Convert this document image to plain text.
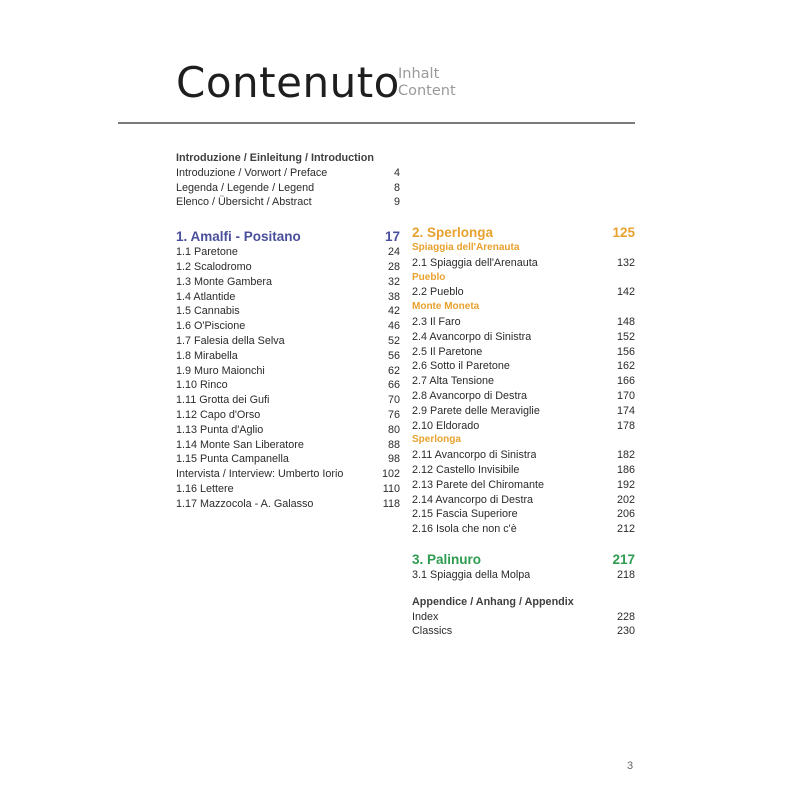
Contenuto
Inhalt
Content
Introduzione / Einleitung / Introduction
Introduzione / Vorwort / Preface	4
Legenda / Legende / Legend	8
Elenco / Übersicht / Abstract	9
1. Amalfi - Positano	17
1.1 Paretone	24
1.2 Scalodromo	28
1.3 Monte Gambera	32
1.4 Atlantide	38
1.5 Cannabis	42
1.6 O'Piscione	46
1.7 Falesia della Selva	52
1.8 Mirabella	56
1.9 Muro Maionchi	62
1.10 Rinco	66
1.11 Grotta dei Gufi	70
1.12 Capo d'Orso	76
1.13 Punta d'Aglio	80
1.14 Monte San Liberatore	88
1.15 Punta Campanella	98
Intervista / Interview: Umberto Iorio	102
1.16 Lettere	110
1.17 Mazzocola - A. Galasso	118
2. Sperlonga	125
Spiaggia dell'Arenauta
2.1 Spiaggia dell'Arenauta	132
Pueblo
2.2 Pueblo	142
Monte Moneta
2.3 Il Faro	148
2.4 Avancorpo di Sinistra	152
2.5 Il Paretone	156
2.6 Sotto il Paretone	162
2.7 Alta Tensione	166
2.8 Avancorpo di Destra	170
2.9 Parete delle Meraviglie	174
2.10 Eldorado	178
Sperlonga
2.11 Avancorpo di Sinistra	182
2.12 Castello Invisibile	186
2.13 Parete del Chiromante	192
2.14 Avancorpo di Destra	202
2.15 Fascia Superiore	206
2.16 Isola che non c'è	212
3. Palinuro	217
3.1 Spiaggia della Molpa	218
Appendice / Anhang / Appendix
Index	228
Classics	230
3
